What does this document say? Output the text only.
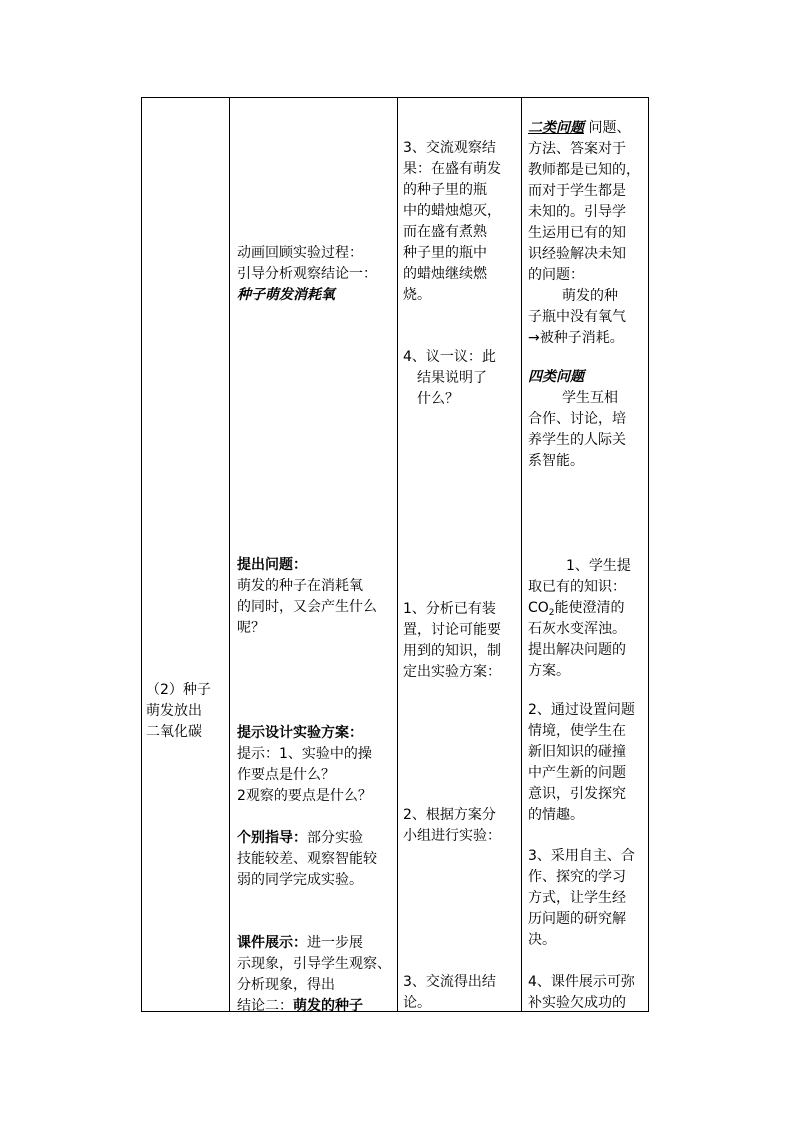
（2）种子

萌发放出

二氧化碳

动画回顾实验过程：

引导分析观察结论一：

种子萌发消耗氧

提出问题：

萌发的种子在消耗氧

的同时，又会产生什么

呢？

提示设计实验方案：

提示：1、实验中的操

作要点是什么？

2观察的要点是什么？

个别指导：部分实验

技能较差、观察智能较

弱的同学完成实验。

课件展示：进一步展

示现象，引导学生观察、

分析现象，得出

结论二：萌发的种子

3、交流观察结

果：在盛有萌发

的种子里的瓶

中的蜡烛熄灭，

而在盛有煮熟

种子里的瓶中

的蜡烛继续燃

烧。

4、议一议：此

结果说明了

什么？

1、分析已有装

置，讨论可能要

用到的知识，制

定出实验方案：

2、根据方案分

小组进行实验：

3、交流得出结

论。

二类问题 问题、

方法、答案对于

教师都是已知的，

而对于学生都是

未知的。引导学

生运用已有的知

识经验解决未知

的问题：

萌发的种

子瓶中没有氧气

→被种子消耗。

四类问题

学生互相

合作、讨论，培

养学生的人际关

系智能。

1、学生提

取已有的知识：

$CO_2$能使澄清的

石灰水变浑浊。

提出解决问题的

方案。

2、通过设置问题

情境，使学生在

新旧知识的碰撞

中产生新的问题

意识，引发探究

的情趣。

3、采用自主、合

作、探究的学习

方式，让学生经

历问题的研究解

决。

4、课件展示可弥

补实验欠成功的
